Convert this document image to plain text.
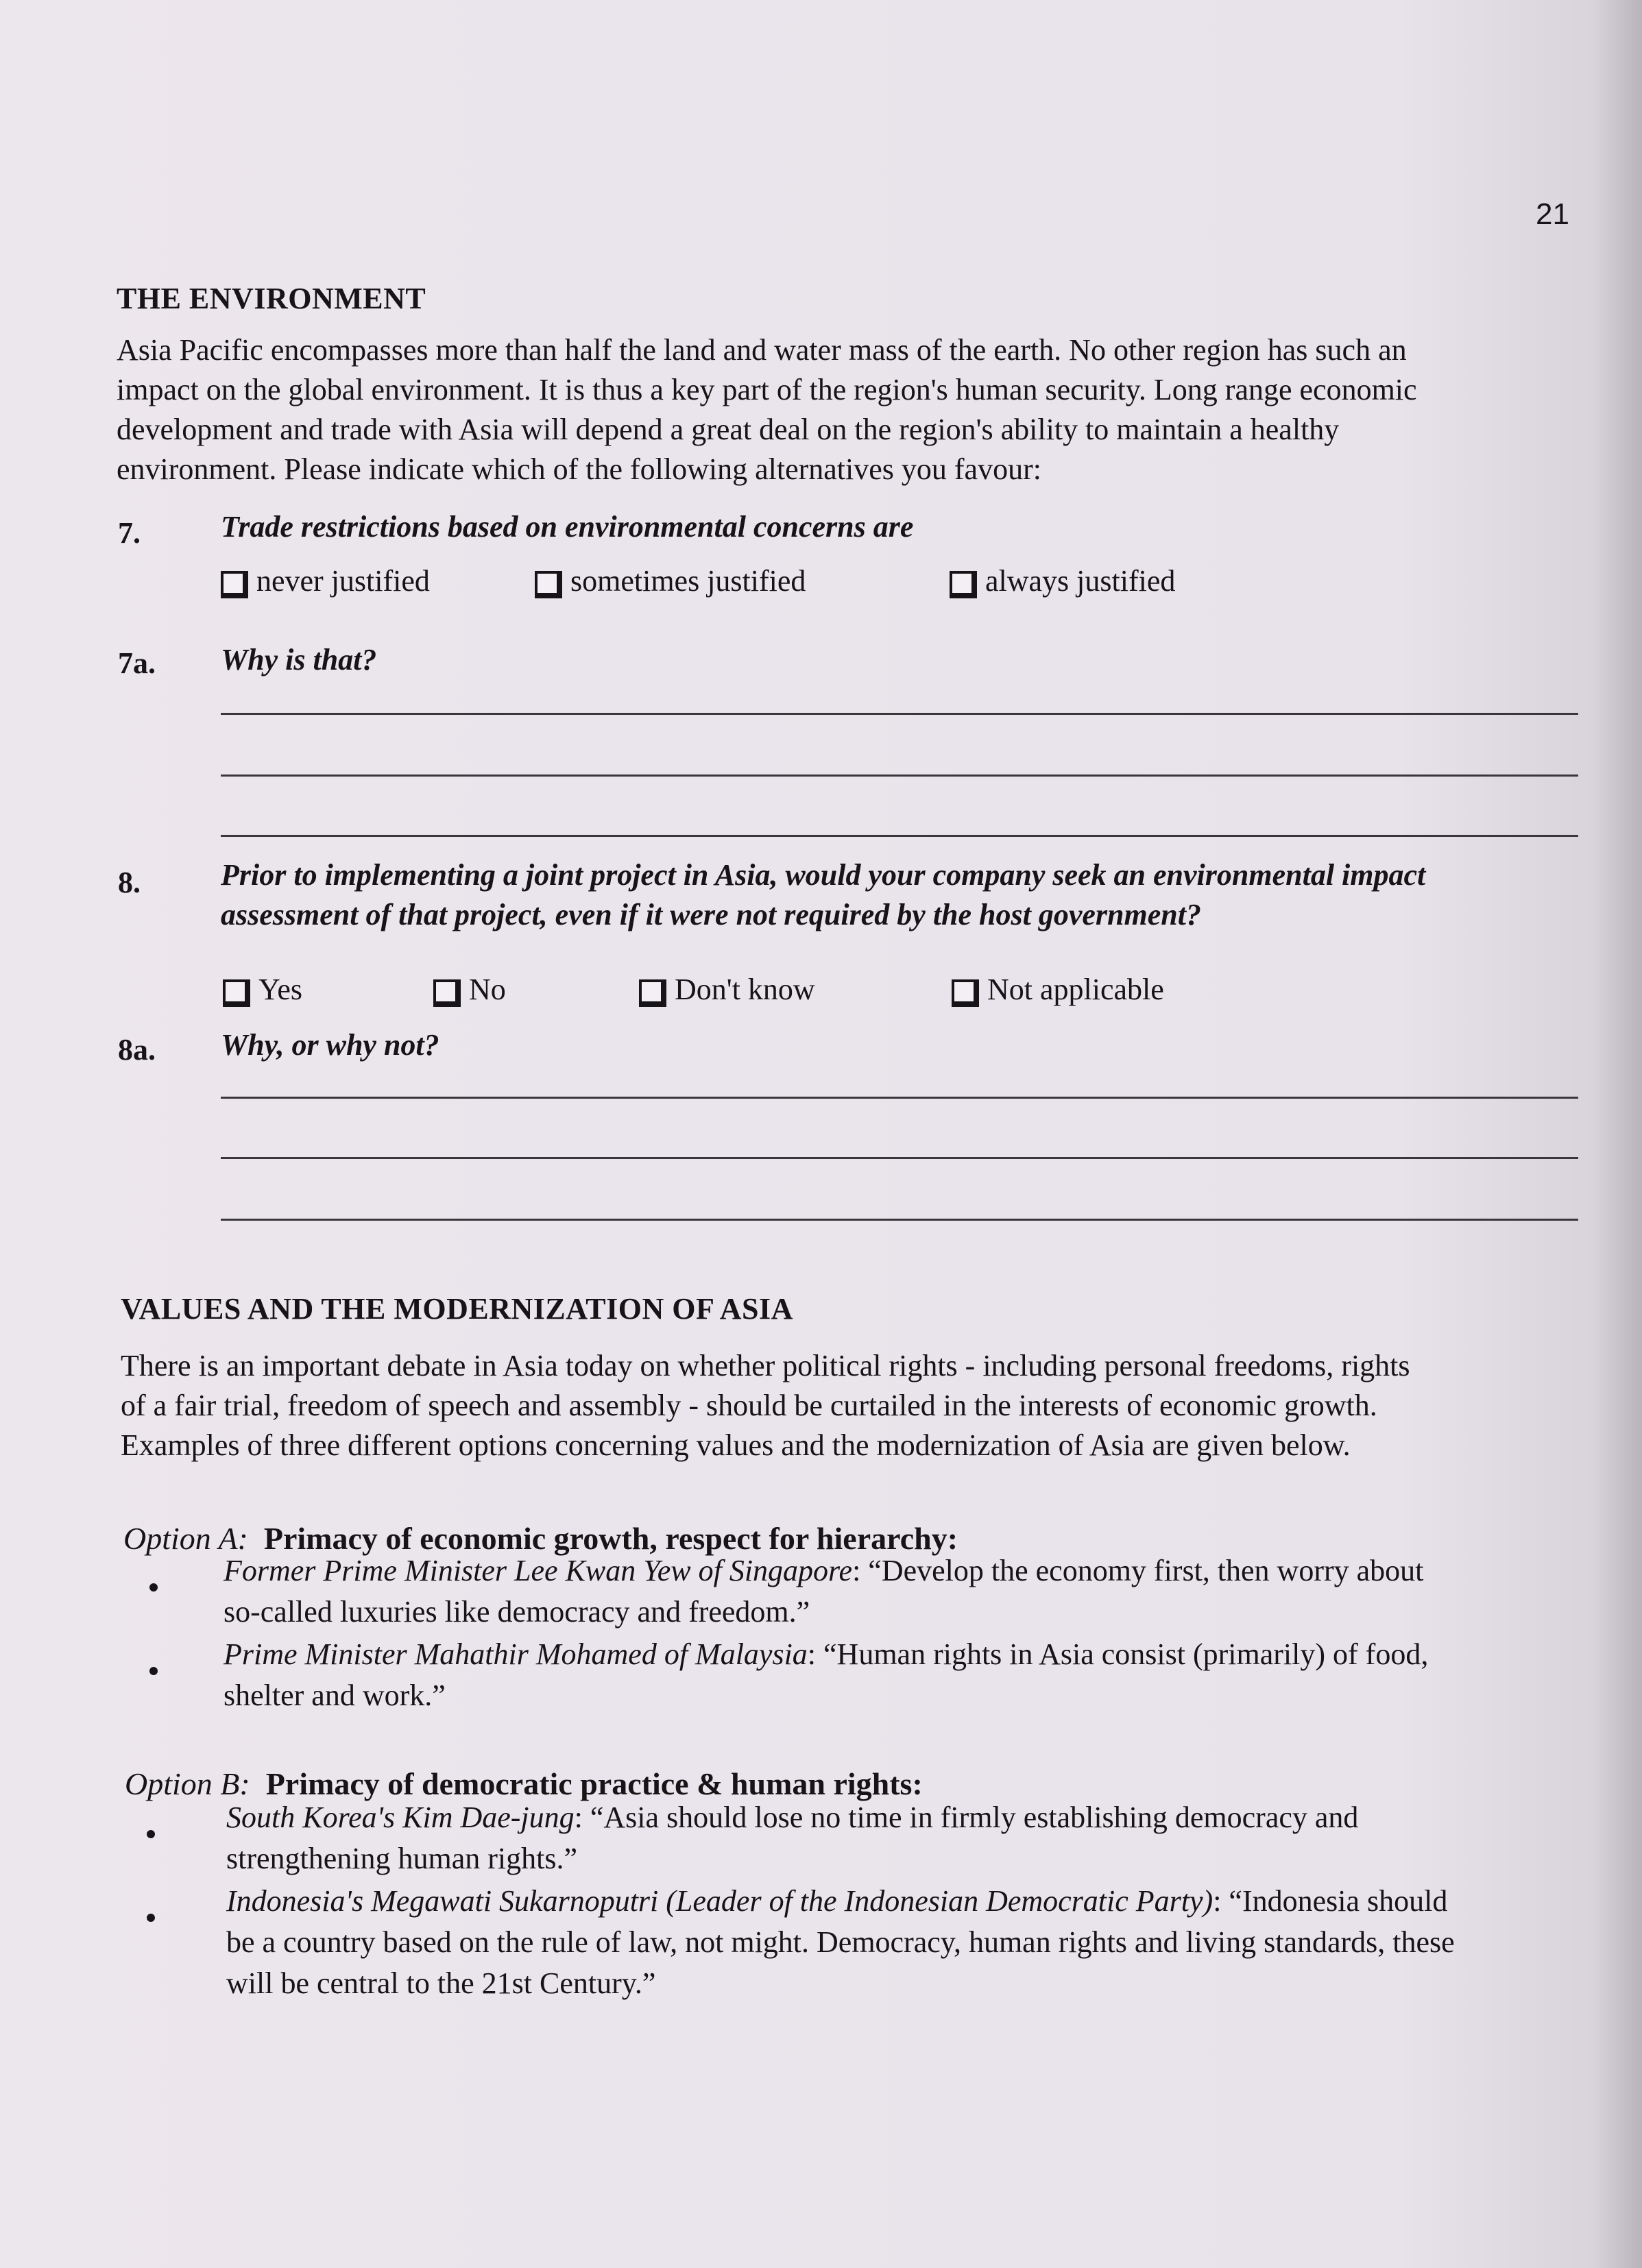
21
THE ENVIRONMENT
Asia Pacific encompasses more than half the land and water mass of the earth. No other region has such an
impact on the global environment. It is thus a key part of the region's human security. Long range economic
development and trade with Asia will depend a great deal on the region's ability to maintain a healthy
environment. Please indicate which of the following alternatives you favour:
7.	Trade restrictions based on environmental concerns are
never justified	sometimes justified	always justified
7a. Why is that?
8.	Prior to implementing a joint project in Asia, would your company seek an environmental impact
assessment of that project, even if it were not required by the host government?
Yes	No	Don't know	Not applicable
8a. Why, or why not?
VALUES AND THE MODERNIZATION OF ASIA
There is an important debate in Asia today on whether political rights - including personal freedoms, rights
of a fair trial, freedom of speech and assembly - should be curtailed in the interests of economic growth.
Examples of three different options concerning values and the modernization of Asia are given below.
Option A: Primacy of economic growth, respect for hierarchy:
Former Prime Minister Lee Kwan Yew of Singapore: “Develop the economy first, then worry about
so-called luxuries like democracy and freedom.”
Prime Minister Mahathir Mohamed of Malaysia: “Human rights in Asia consist (primarily) of food,
shelter and work.”
Option B: Primacy of democratic practice & human rights:
South Korea's Kim Dae-jung: “Asia should lose no time in firmly establishing democracy and
strengthening human rights.”
Indonesia's Megawati Sukarnoputri (Leader of the Indonesian Democratic Party): “Indonesia should
be a country based on the rule of law, not might. Democracy, human rights and living standards, these
will be central to the 21st Century.”
